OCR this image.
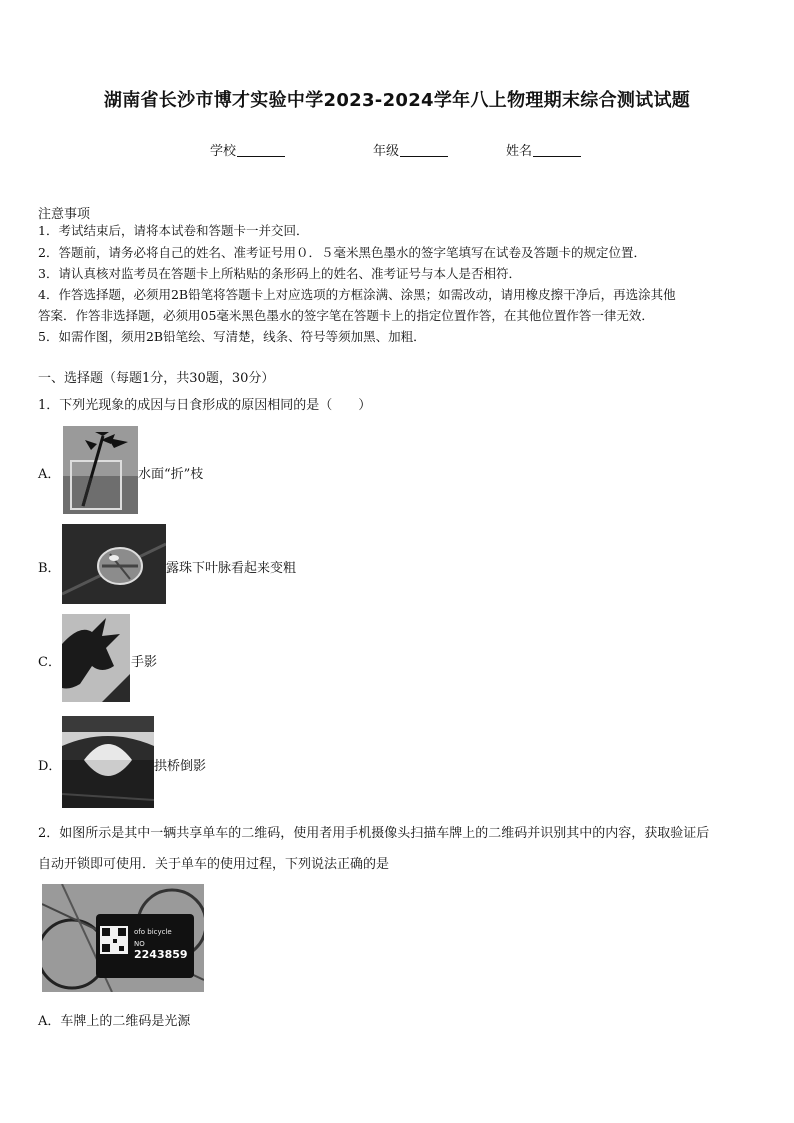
湖南省长沙市博才实验中学2023-2024学年八上物理期末综合测试试题
学校	年级	姓名
注意事项
1．考试结束后，请将本试卷和答题卡一并交回．
2．答题前，请务必将自己的姓名、准考证号用０．５毫米黑色墨水的签字笔填写在试卷及答题卡的规定位置．
3．请认真核对监考员在答题卡上所粘贴的条形码上的姓名、准考证号与本人是否相符．
4．作答选择题，必须用2B铅笔将答题卡上对应选项的方框涂满、涂黑；如需改动，请用橡皮擦干净后，再选涂其他
答案．作答非选择题，必须用05毫米黑色墨水的签字笔在答题卡上的指定位置作答，在其他位置作答一律无效．
5．如需作图，须用2B铅笔绘、写清楚，线条、符号等须加黑、加粗．
一、选择题（每题1分，共30题，30分）
1．下列光现象的成因与日食形成的原因相同的是（　　）
A．	水面“折”枝
B．	露珠下叶脉看起来变粗
C．	手影
D．	拱桥倒影
2．如图所示是其中一辆共享单车的二维码，使用者用手机摄像头扫描车牌上的二维码并识别其中的内容，获取验证后
自动开锁即可使用．关于单车的使用过程，下列说法正确的是
ofo bicycle
NO
2243859
A．车牌上的二维码是光源
